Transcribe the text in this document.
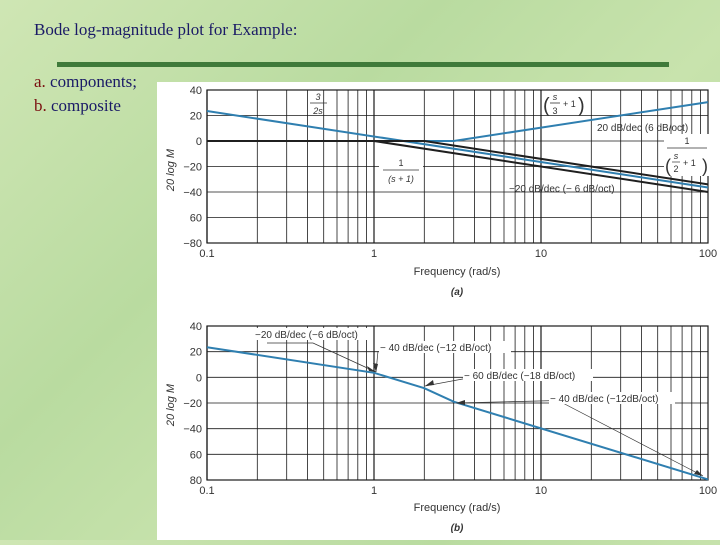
Bode log-magnitude plot for Example:
a. components;
b. composite
40
20
0
−20
−40
60
−80
0.1	1	10	100
20 log M
Frequency (rad/s)
(a)
20 dB/dec (6 dB/oct)
−20 dB/dec (− 6 dB/oct)
3
2s	( s
3
+ 1 )
1
(s + 1)
1
( s
2
+ 1 )
40
20
0
−20
−40
60
80
0.1	1	10	100
20 log M
Frequency (rad/s)
(b)
−20 dB/dec (−6 dB/oct)
− 40 dB/dec (−12 dB/oct)
− 60 dB/dec (−18 dB/oct)
− 40 dB/dec (−12dB/oct)
